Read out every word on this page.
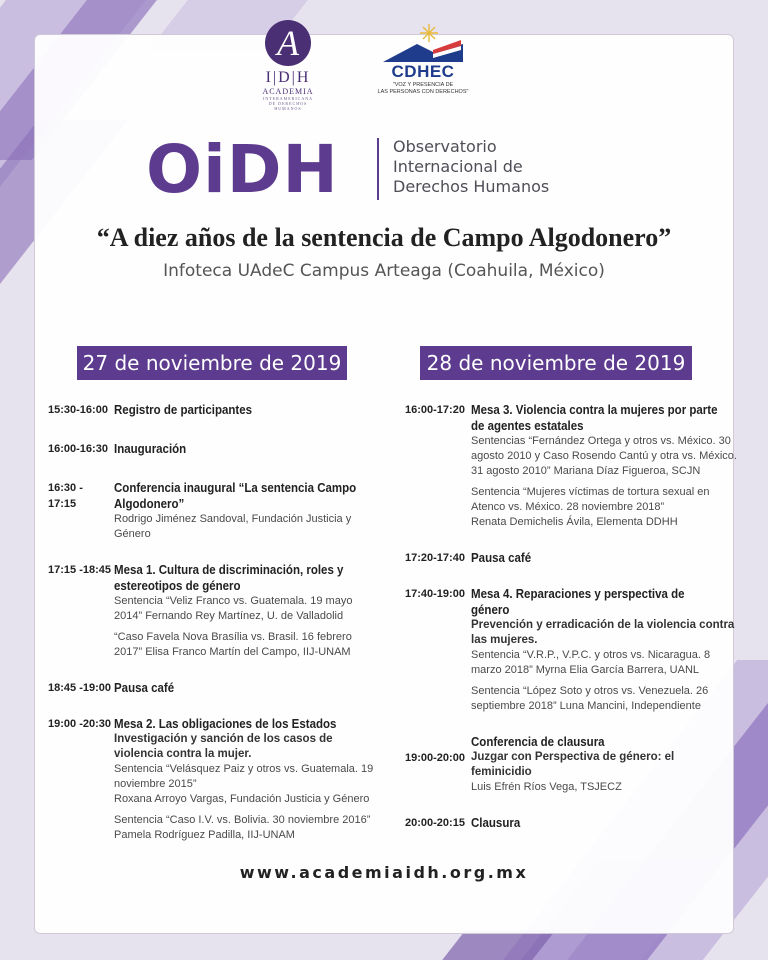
A
I|D|H
ACADEMIA
INTERAMERICANA
DE DERECHOS HUMANOS
CDHEC
"VOZ Y PRESENCIA DE
LAS PERSONAS CON DERECHOS"
OiDH	Observatorio
Internacional de
Derechos Humanos
“A diez años de la sentencia de Campo Algodonero”
Infoteca UAdeC Campus Arteaga (Coahuila, México)
27 de noviembre de 2019	28 de noviembre de 2019
15:30-16:00 Registro de participantes
16:00-16:30 Inauguración
16:30 - 17:15
Conferencia inaugural “La sentencia Campo Algodonero”
Rodrigo Jiménez Sandoval, Fundación Justicia y Género
17:15 -18:45 Mesa 1. Cultura de discriminación, roles y estereotipos de género
Sentencia “Veliz Franco vs. Guatemala. 19 mayo 2014” Fernando Rey Martínez, U. de Valladolid
“Caso Favela Nova Brasília vs. Brasil. 16 febrero 2017” Elisa Franco Martín del Campo, IIJ-UNAM
18:45 -19:00 Pausa café
19:00 -20:30 Mesa 2. Las obligaciones de los Estados
Investigación y sanción de los casos de violencia contra la mujer.
Sentencia “Velásquez Paiz y otros vs. Guatemala. 19 noviembre 2015”
Roxana Arroyo Vargas, Fundación Justicia y Género
Sentencia “Caso I.V. vs. Bolivia. 30 noviembre 2016”
Pamela Rodríguez Padilla, IIJ-UNAM
16:00-17:20 Mesa 3. Violencia contra la mujeres por parte de agentes estatales
Sentencias “Fernández Ortega y otros vs. México. 30 agosto 2010 y Caso Rosendo Cantú y otra vs. México. 31 agosto 2010” Mariana Díaz Figueroa, SCJN
Sentencia “Mujeres víctimas de tortura sexual en Atenco vs. México. 28 noviembre 2018”
Renata Demichelis Ávila, Elementa DDHH
17:20-17:40 Pausa café
17:40-19:00 Mesa 4. Reparaciones y perspectiva de género
Prevención y erradicación de la violencia contra las mujeres.
Sentencia “V.R.P., V.P.C. y otros vs. Nicaragua. 8 marzo 2018” Myrna Elia García Barrera, UANL
Sentencia “López Soto y otros vs. Venezuela. 26 septiembre 2018” Luna Mancini, Independiente
19:00-20:00
Conferencia de clausura
Juzgar con Perspectiva de género: el feminicidio
Luis Efrén Ríos Vega, TSJECZ
20:00-20:15 Clausura
www.academiaidh.org.mx
